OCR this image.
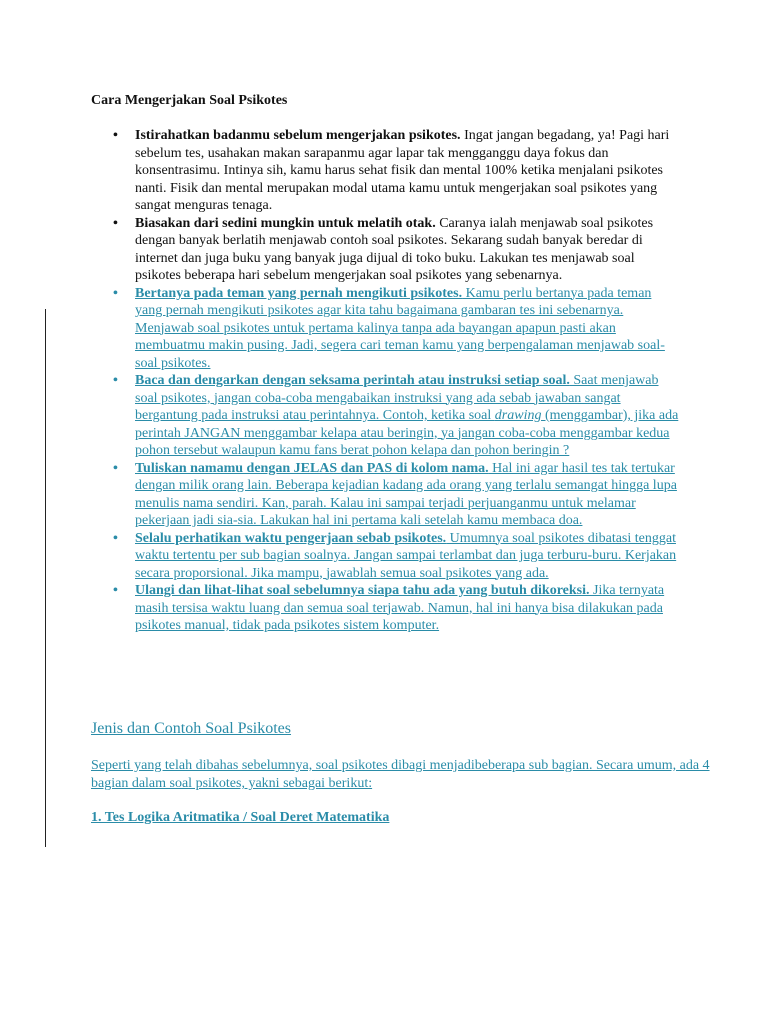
Cara Mengerjakan Soal Psikotes

• Istirahatkan badanmu sebelum mengerjakan psikotes. Ingat jangan begadang, ya! Pagi hari sebelum tes, usahakan makan sarapanmu agar lapar tak mengganggu daya fokus dan konsentrasimu. Intinya sih, kamu harus sehat fisik dan mental 100% ketika menjalani psikotes nanti. Fisik dan mental merupakan modal utama kamu untuk mengerjakan soal psikotes yang sangat menguras tenaga.
• Biasakan dari sedini mungkin untuk melatih otak. Caranya ialah menjawab soal psikotes dengan banyak berlatih menjawab contoh soal psikotes. Sekarang sudah banyak beredar di internet dan juga buku yang banyak juga dijual di toko buku. Lakukan tes menjawab soal psikotes beberapa hari sebelum mengerjakan soal psikotes yang sebenarnya.
• Bertanya pada teman yang pernah mengikuti psikotes. Kamu perlu bertanya pada teman yang pernah mengikuti psikotes agar kita tahu bagaimana gambaran tes ini sebenarnya. Menjawab soal psikotes untuk pertama kalinya tanpa ada bayangan apapun pasti akan membuatmu makin pusing. Jadi, segera cari teman kamu yang berpengalaman menjawab soal-soal psikotes.
• Baca dan dengarkan dengan seksama perintah atau instruksi setiap soal. Saat menjawab soal psikotes, jangan coba-coba mengabaikan instruksi yang ada sebab jawaban sangat bergantung pada instruksi atau perintahnya. Contoh, ketika soal drawing (menggambar), jika ada perintah JANGAN menggambar kelapa atau beringin, ya jangan coba-coba menggambar kedua pohon tersebut walaupun kamu fans berat pohon kelapa dan pohon beringin ?
• Tuliskan namamu dengan JELAS dan PAS di kolom nama. Hal ini agar hasil tes tak tertukar dengan milik orang lain. Beberapa kejadian kadang ada orang yang terlalu semangat hingga lupa menulis nama sendiri. Kan, parah. Kalau ini sampai terjadi perjuanganmu untuk melamar pekerjaan jadi sia-sia. Lakukan hal ini pertama kali setelah kamu membaca doa.
• Selalu perhatikan waktu pengerjaan sebab psikotes. Umumnya soal psikotes dibatasi tenggat waktu tertentu per sub bagian soalnya. Jangan sampai terlambat dan juga terburu-buru. Kerjakan secara proporsional. Jika mampu, jawablah semua soal psikotes yang ada.
• Ulangi dan lihat-lihat soal sebelumnya siapa tahu ada yang butuh dikoreksi. Jika ternyata masih tersisa waktu luang dan semua soal terjawab. Namun, hal ini hanya bisa dilakukan pada psikotes manual, tidak pada psikotes sistem komputer.

Jenis dan Contoh Soal Psikotes

Seperti yang telah dibahas sebelumnya, soal psikotes dibagi menjadibeberapa sub bagian. Secara umum, ada 4 bagian dalam soal psikotes, yakni sebagai berikut:

1. Tes Logika Aritmatika / Soal Deret Matematika
